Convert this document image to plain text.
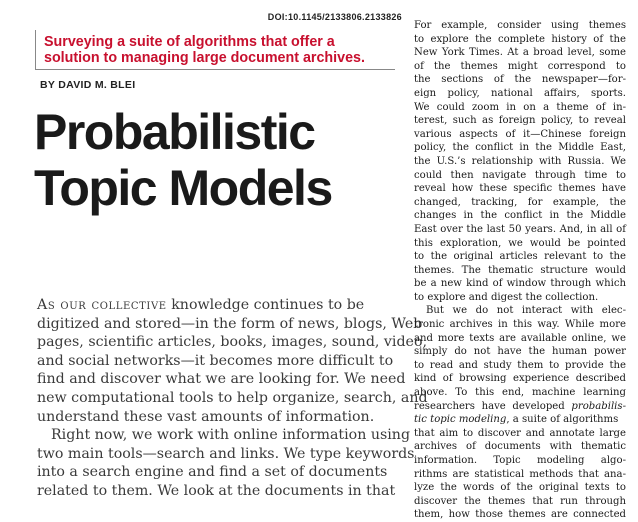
DOI:10.1145/2133806.2133826
Surveying a suite of algorithms that offer a
solution to managing large document archives.
BY DAVID M. BLEI
Probabilistic
Topic Models
As our collective knowledge continues to be
digitized and stored—in the form of news, blogs, Web
pages, scientific articles, books, images, sound, video,
and social networks—it becomes more difficult to
find and discover what we are looking for. We need
new computational tools to help organize, search, and
understand these vast amounts of information.
Right now, we work with online information using
two main tools—search and links. We type keywords
into a search engine and find a set of documents
related to them. We look at the documents in that
For example, consider using themes
to explore the complete history of the
New York Times. At a broad level, some
of the themes might correspond to
the sections of the newspaper—for-
eign policy, national affairs, sports.
We could zoom in on a theme of in-
terest, such as foreign policy, to reveal
various aspects of it—Chinese foreign
policy, the conflict in the Middle East,
the U.S.’s relationship with Russia. We
could then navigate through time to
reveal how these specific themes have
changed, tracking, for example, the
changes in the conflict in the Middle
East over the last 50 years. And, in all of
this exploration, we would be pointed
to the original articles relevant to the
themes. The thematic structure would
be a new kind of window through which
to explore and digest the collection.
But we do not interact with elec-
tronic archives in this way. While more
and more texts are available online, we
simply do not have the human power
to read and study them to provide the
kind of browsing experience described
above. To this end, machine learning
researchers have developed probabilis-
tic topic modeling, a suite of algorithms
that aim to discover and annotate large
archives of documents with thematic
information. Topic modeling algo-
rithms are statistical methods that ana-
lyze the words of the original texts to
discover the themes that run through
them, how those themes are connected
